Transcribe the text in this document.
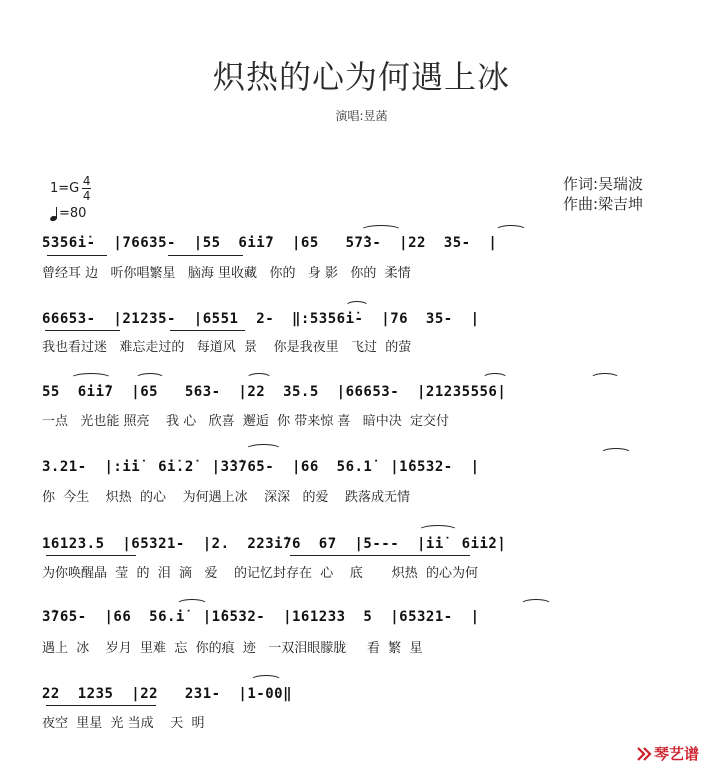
炽热的心为何遇上冰
演唱:昱菡
1=G 4
4
=80
作词:吴瑞波
作曲:梁吉坤
5356i̇-  |76635-  |55  6i̇i̇7  |65   57̇3-  |22  35-  |
曾经耳 边   听你唱繁星   脑海 里收藏   你的   身 影   你的  柔情
66653-  |21235-  |6551  2-  ‖:5356i̇-  |76  35-  |
我也看过迷   难忘走过的   每道风  景    你是我夜里   飞过  的萤
55  6i̇i̇7  |65   563-  |22  35.5  |66653-  |21235556|
一点   光也能 照亮    我 心   欣喜  邂逅  你 带来惊 喜   暗中决  定交付
3.21-  |:i̇i̇  6i̇.2̇  |3̇3̇765-  |66  56.1̇  |1̇6532-  |
你  今生    炽热  的心    为何遇上冰    深深   的爱    跌落成无情
16123.5  |65321-  |2.  223i̇76  67  |5---  |i̇i̇  6i̇i̇2̇|
为你唤醒晶  莹  的  泪  滴   爱    的记忆封存在  心    底       炽热  的心为何
3̇765-  |66  56.i̇  |1̇6532-  |161233  5  |65321-  |
遇上  冰    岁月  里难  忘  你的痕  迹   一双泪眼朦胧     看  繁  星
22  1235  |22   231-  |1-00‖
夜空  里星  光 当成    天  明
琴艺谱
